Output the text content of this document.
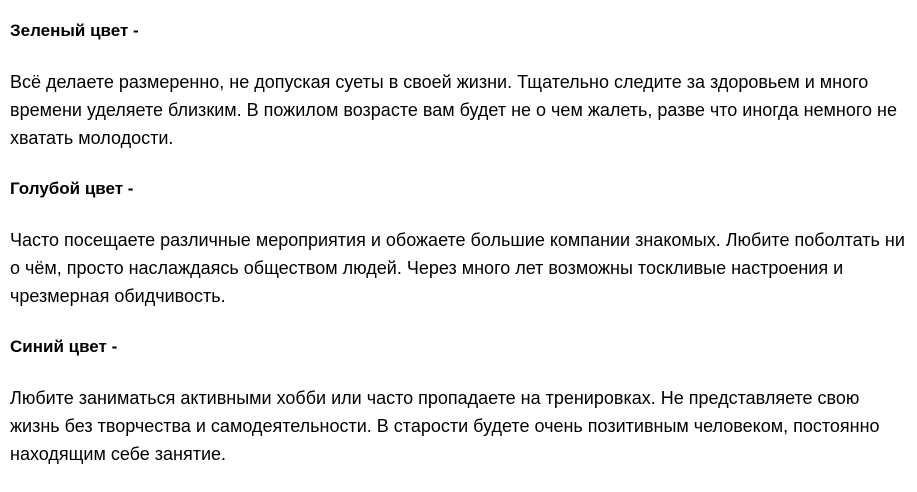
Зеленый цвет -

Всё делаете размеренно, не допуская суеты в своей жизни. Тщательно следите за здоровьем и много времени уделяете близким. В пожилом возрасте вам будет не о чем жалеть, разве что иногда немного не хватать молодости.

Голубой цвет -

Часто посещаете различные мероприятия и обожаете большие компании знакомых. Любите поболтать ни о чём, просто наслаждаясь обществом людей. Через много лет возможны тоскливые настроения и чрезмерная обидчивость.

Синий цвет -

Любите заниматься активными хобби или часто пропадаете на тренировках. Не представляете свою жизнь без творчества и самодеятельности. В старости будете очень позитивным человеком, постоянно находящим себе занятие.
